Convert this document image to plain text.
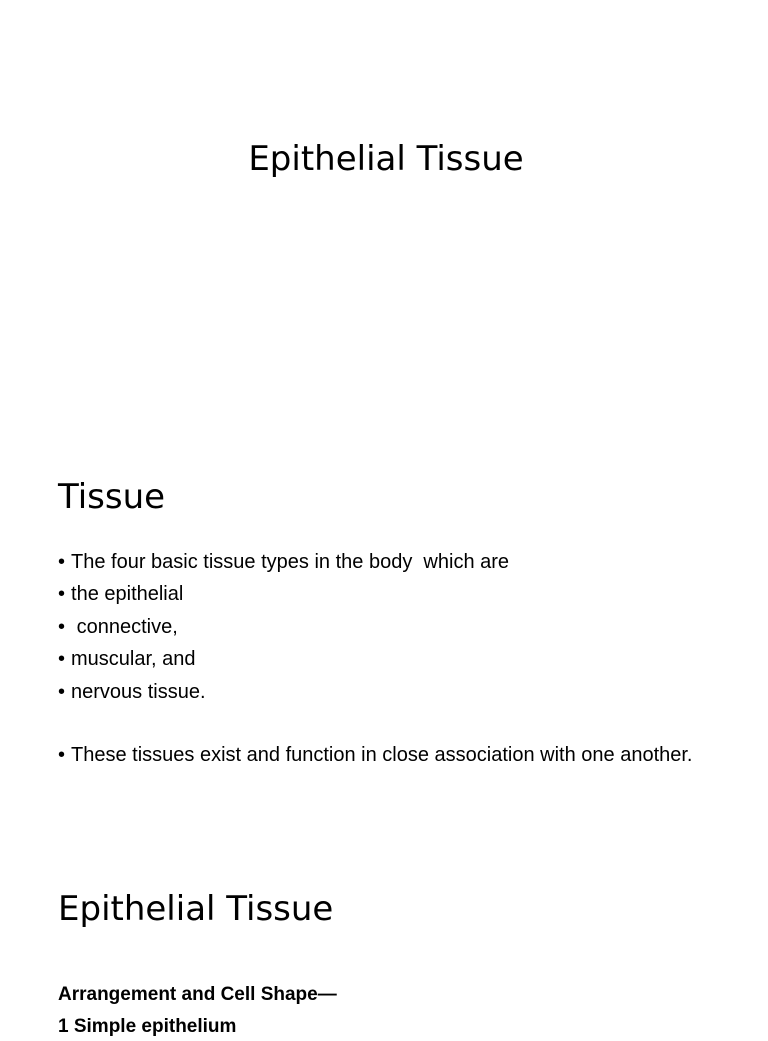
Epithelial Tissue
Tissue
• The four basic tissue types in the body  which are
• the epithelial
• connective,
• muscular, and
• nervous tissue.
• These tissues exist and function in close association with one another.
Epithelial Tissue

Arrangement and Cell Shape—

1 Simple epithelium
